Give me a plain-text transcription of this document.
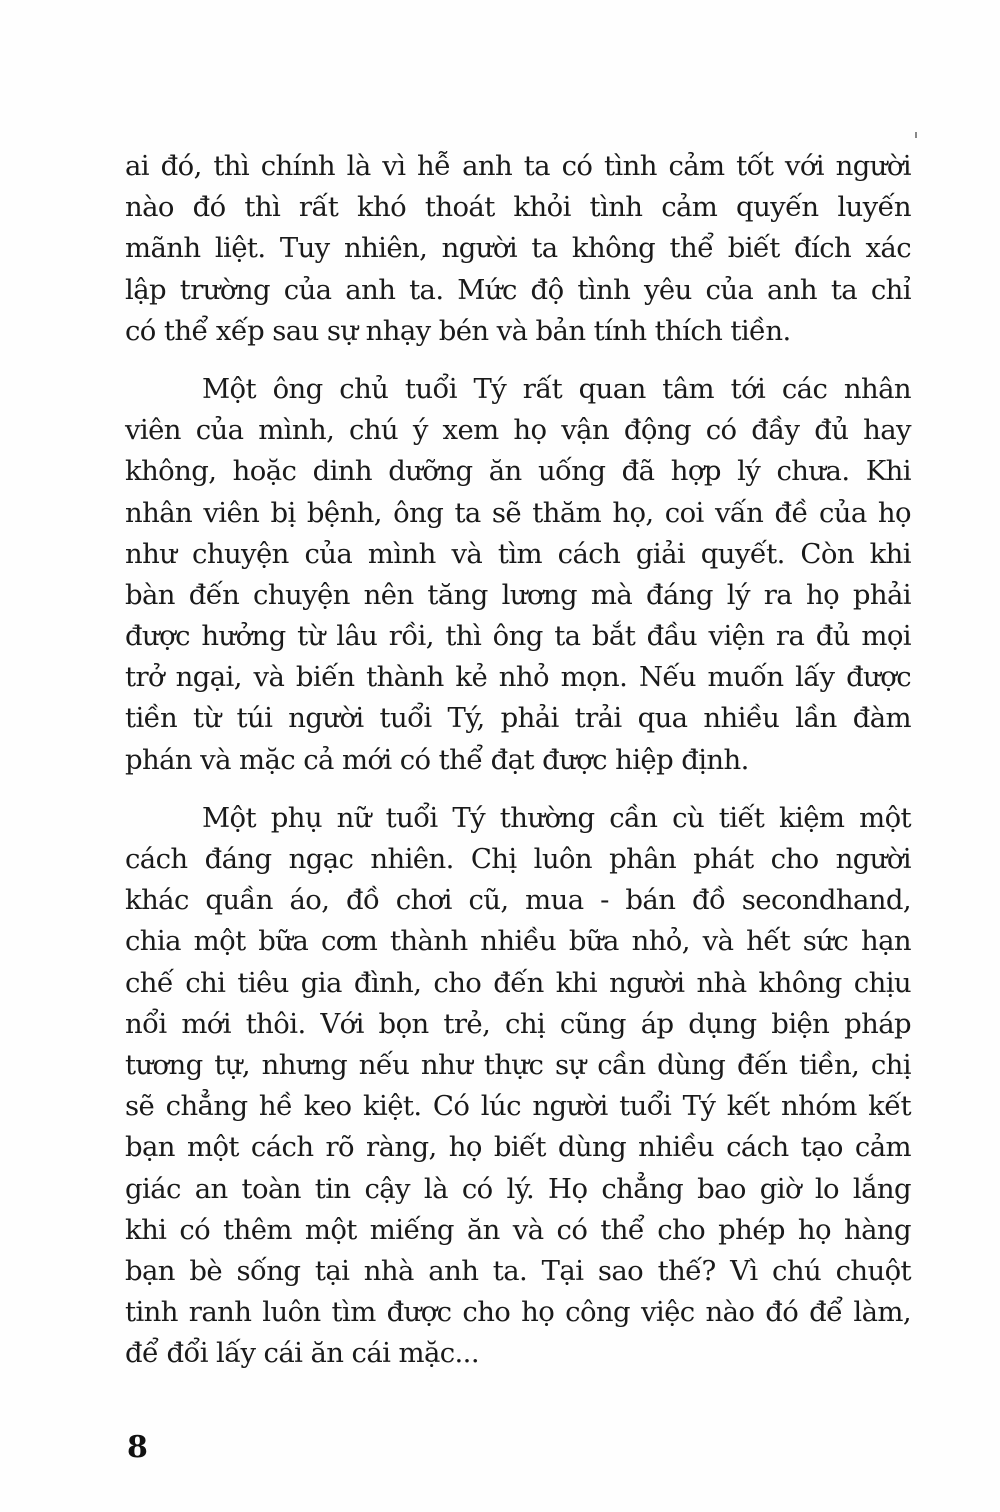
ai đó, thì chính là vì hễ anh ta có tình cảm tốt với người
nào đó thì rất khó thoát khỏi tình cảm quyến luyến
mãnh liệt. Tuy nhiên, người ta không thể biết đích xác
lập trường của anh ta. Mức độ tình yêu của anh ta chỉ
có thể xếp sau sự nhạy bén và bản tính thích tiền.
Một ông chủ tuổi Tý rất quan tâm tới các nhân
viên của mình, chú ý xem họ vận động có đầy đủ hay
không, hoặc dinh dưỡng ăn uống đã hợp lý chưa. Khi
nhân viên bị bệnh, ông ta sẽ thăm họ, coi vấn đề của họ
như chuyện của mình và tìm cách giải quyết. Còn khi
bàn đến chuyện nên tăng lương mà đáng lý ra họ phải
được hưởng từ lâu rồi, thì ông ta bắt đầu viện ra đủ mọi
trở ngại, và biến thành kẻ nhỏ mọn. Nếu muốn lấy được
tiền từ túi người tuổi Tý, phải trải qua nhiều lần đàm
phán và mặc cả mới có thể đạt được hiệp định.
Một phụ nữ tuổi Tý thường cần cù tiết kiệm một
cách đáng ngạc nhiên. Chị luôn phân phát cho người
khác quần áo, đồ chơi cũ, mua - bán đồ secondhand,
chia một bữa cơm thành nhiều bữa nhỏ, và hết sức hạn
chế chi tiêu gia đình, cho đến khi người nhà không chịu
nổi mới thôi. Với bọn trẻ, chị cũng áp dụng biện pháp
tương tự, nhưng nếu như thực sự cần dùng đến tiền, chị
sẽ chẳng hề keo kiệt. Có lúc người tuổi Tý kết nhóm kết
bạn một cách rõ ràng, họ biết dùng nhiều cách tạo cảm
giác an toàn tin cậy là có lý. Họ chẳng bao giờ lo lắng
khi có thêm một miếng ăn và có thể cho phép họ hàng
bạn bè sống tại nhà anh ta. Tại sao thế? Vì chú chuột
tinh ranh luôn tìm được cho họ công việc nào đó để làm,
để đổi lấy cái ăn cái mặc...
8
